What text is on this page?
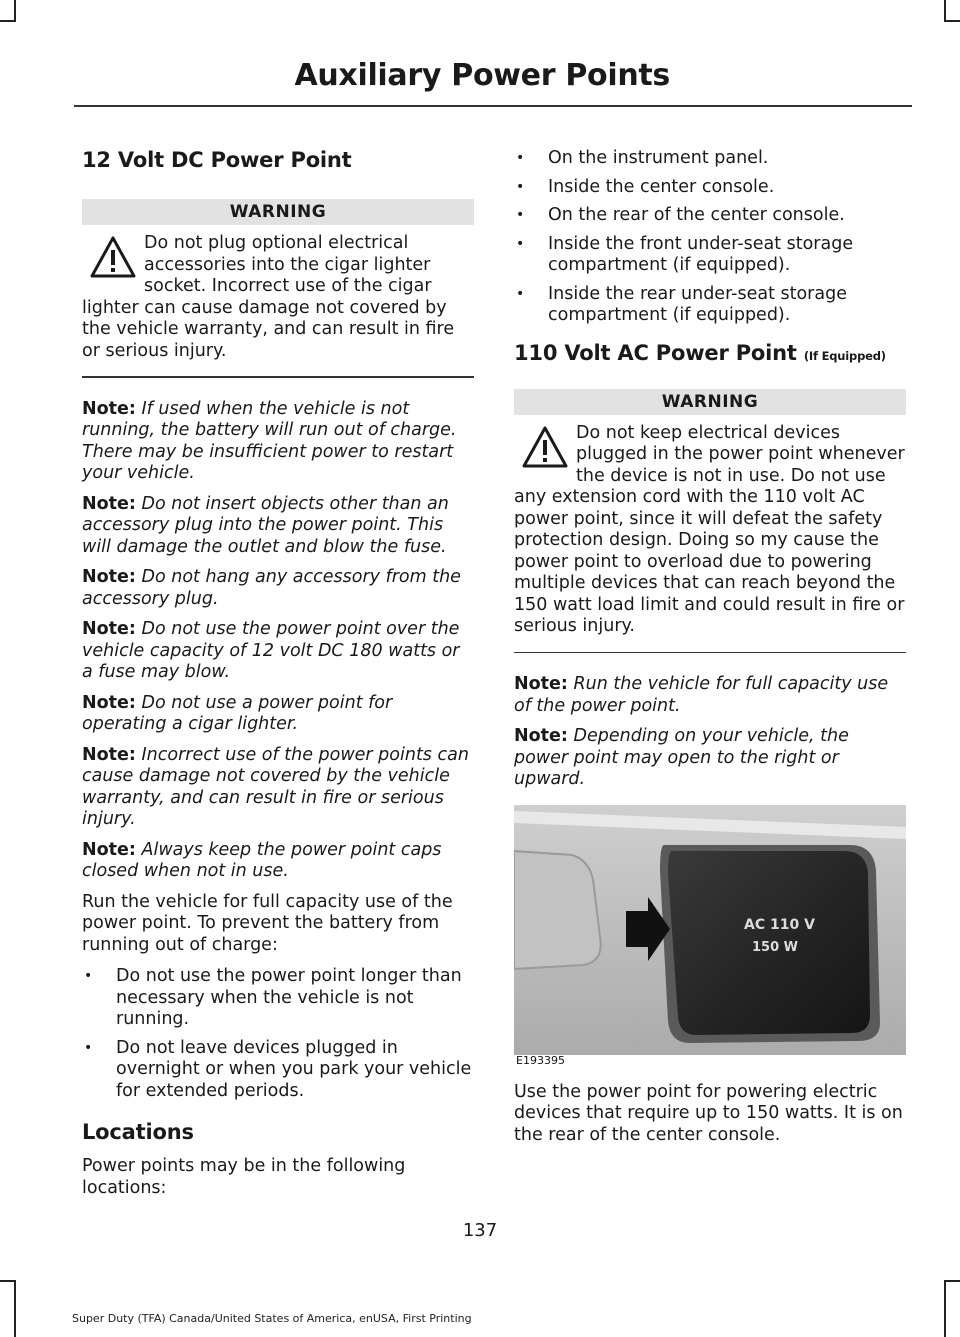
Auxiliary Power Points
12 Volt DC Power Point
WARNING

Do not plug optional electrical accessories into the cigar lighter socket. Incorrect use of the cigar lighter can cause damage not covered by the vehicle warranty, and can result in fire or serious injury.

Note: If used when the vehicle is not running, the battery will run out of charge. There may be insufficient power to restart your vehicle.

Note: Do not insert objects other than an accessory plug into the power point. This will damage the outlet and blow the fuse.

Note: Do not hang any accessory from the accessory plug.

Note: Do not use the power point over the vehicle capacity of 12 volt DC 180 watts or a fuse may blow.

Note: Do not use a power point for operating a cigar lighter.

Note: Incorrect use of the power points can cause damage not covered by the vehicle warranty, and can result in fire or serious injury.

Note: Always keep the power point caps closed when not in use.

Run the vehicle for full capacity use of the power point. To prevent the battery from running out of charge:

• Do not use the power point longer than necessary when the vehicle is not running.
• Do not leave devices plugged in overnight or when you park your vehicle for extended periods.
Locations

Power points may be in the following locations:

• On the instrument panel.
• Inside the center console.
• On the rear of the center console.
• Inside the front under-seat storage compartment (if equipped).
• Inside the rear under-seat storage compartment (if equipped).
110 Volt AC Power Point (If Equipped)
WARNING

Do not keep electrical devices plugged in the power point whenever the device is not in use. Do not use any extension cord with the 110 volt AC power point, since it will defeat the safety protection design. Doing so my cause the power point to overload due to powering multiple devices that can reach beyond the 150 watt load limit and could result in fire or serious injury.

Note: Run the vehicle for full capacity use of the power point.

Note: Depending on your vehicle, the power point may open to the right or upward.

AC 110 V
150 W
E193395

Use the power point for powering electric devices that require up to 150 watts. It is on the rear of the center console.

137
Super Duty (TFA) Canada/United States of America, enUSA, First Printing
